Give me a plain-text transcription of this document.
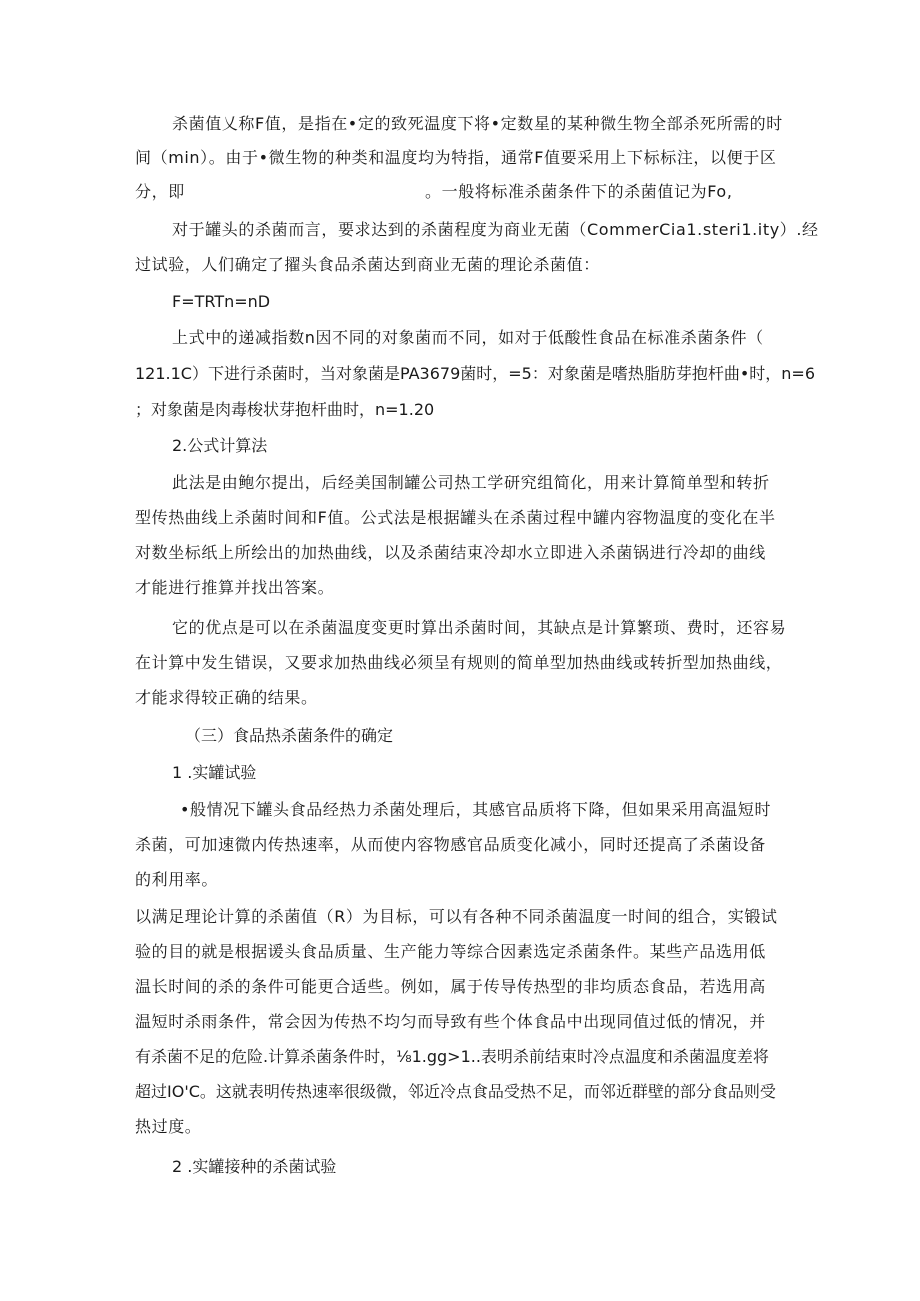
杀菌值乂称F值，是指在•定的致死温度下将•定数星的某种微生物全部杀死所需的时
间（min）。由于•微生物的种类和温度均为特指，通常F值要采用上下标标注，以便于区
分，即	。一般将标准杀菌条件下的杀菌值记为Fo,
对于罐头的杀菌而言，要求达到的杀菌程度为商业无菌（CommerCia1.steri1.ity）.经
过试验，人们确定了擢头食品杀菌达到商业无菌的理论杀菌值：
F=TRTn=nD
上式中的递减指数n因不同的对象菌而不同，如对于低酸性食品在标准杀菌条件（
121.1C）下进行杀菌时，当对象菌是PA3679菌时，=5：对象菌是嗜热脂肪芽抱杆曲•时，n=6
；对象菌是肉毒梭状芽抱杆曲时，n=1.20
2.公式计算法
此法是由鲍尔提出，后经美国制罐公司热工学研究组简化，用来计算简单型和转折
型传热曲线上杀菌时间和F值。公式法是根据罐头在杀菌过程中罐内容物温度的变化在半
对数坐标纸上所绘出的加热曲线，以及杀菌结束冷却水立即进入杀菌锅进行冷却的曲线
才能进行推算并找出答案。
它的优点是可以在杀菌温度变更时算出杀菌时间，其缺点是计算繁琐、费时，还容易
在计算中发生错误，又要求加热曲线必须呈有规则的简单型加热曲线或转折型加热曲线，
才能求得较正确的结果。
（三）食品热杀菌条件的确定
1 .实罐试验
•般情况下罐头食品经热力杀菌处理后，其感官品质将下降，但如果采用高温短时
杀菌，可加速微内传热速率，从而使内容物感官品质变化减小，同时还提高了杀菌设备
的利用率。
以满足理论计算的杀菌值（R）为目标，可以有各种不同杀菌温度一时间的组合，实锻试
验的目的就是根据谖头食品质量、生产能力等综合因素选定杀菌条件。某些产品选用低
温长时间的杀的条件可能更合适些。例如，属于传导传热型的非均质态食品，若选用高
温短时杀雨条件，常会因为传热不均匀而导致有些个体食品中出现同值过低的情况，并
有杀菌不足的危险.计算杀菌条件时，⅛1.gg>1..表明杀前结束时冷点温度和杀菌温度差将
超过IO'C。这就表明传热速率很级微，邻近冷点食品受热不足，而邻近群壁的部分食品则受
热过度。
2 .实罐接种的杀菌试验
